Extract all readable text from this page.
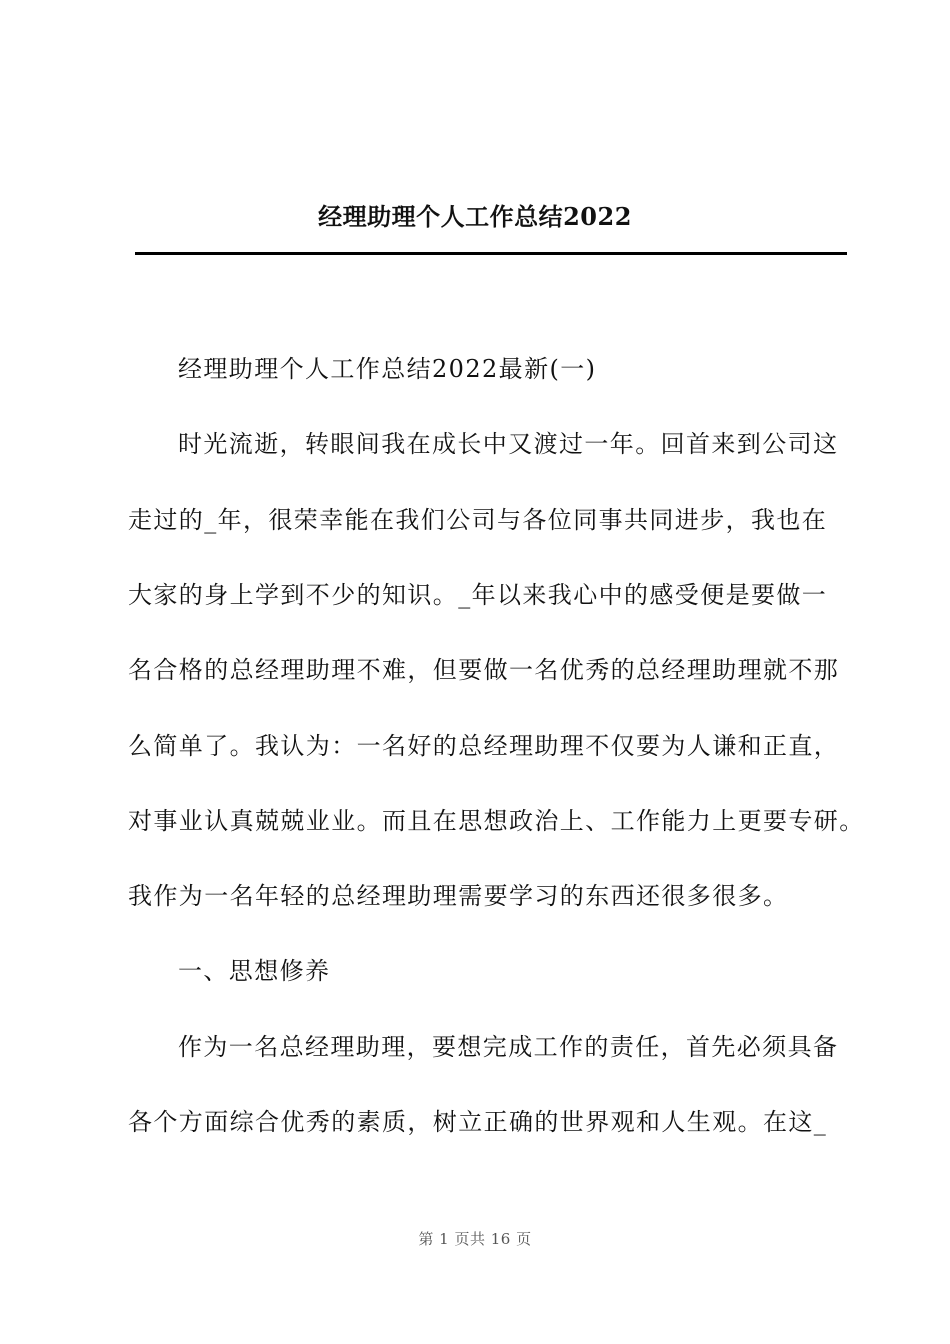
经理助理个人工作总结2022
经理助理个人工作总结2022最新(一)
时光流逝，转眼间我在成长中又渡过一年。回首来到公司这
走过的_年，很荣幸能在我们公司与各位同事共同进步，我也在
大家的身上学到不少的知识。_年以来我心中的感受便是要做一
名合格的总经理助理不难，但要做一名优秀的总经理助理就不那
么简单了。我认为：一名好的总经理助理不仅要为人谦和正直，
对事业认真兢兢业业。而且在思想政治上、工作能力上更要专研。
我作为一名年轻的总经理助理需要学习的东西还很多很多。
一、思想修养
作为一名总经理助理，要想完成工作的责任，首先必须具备
各个方面综合优秀的素质，树立正确的世界观和人生观。在这_
第 1 页共 16 页
